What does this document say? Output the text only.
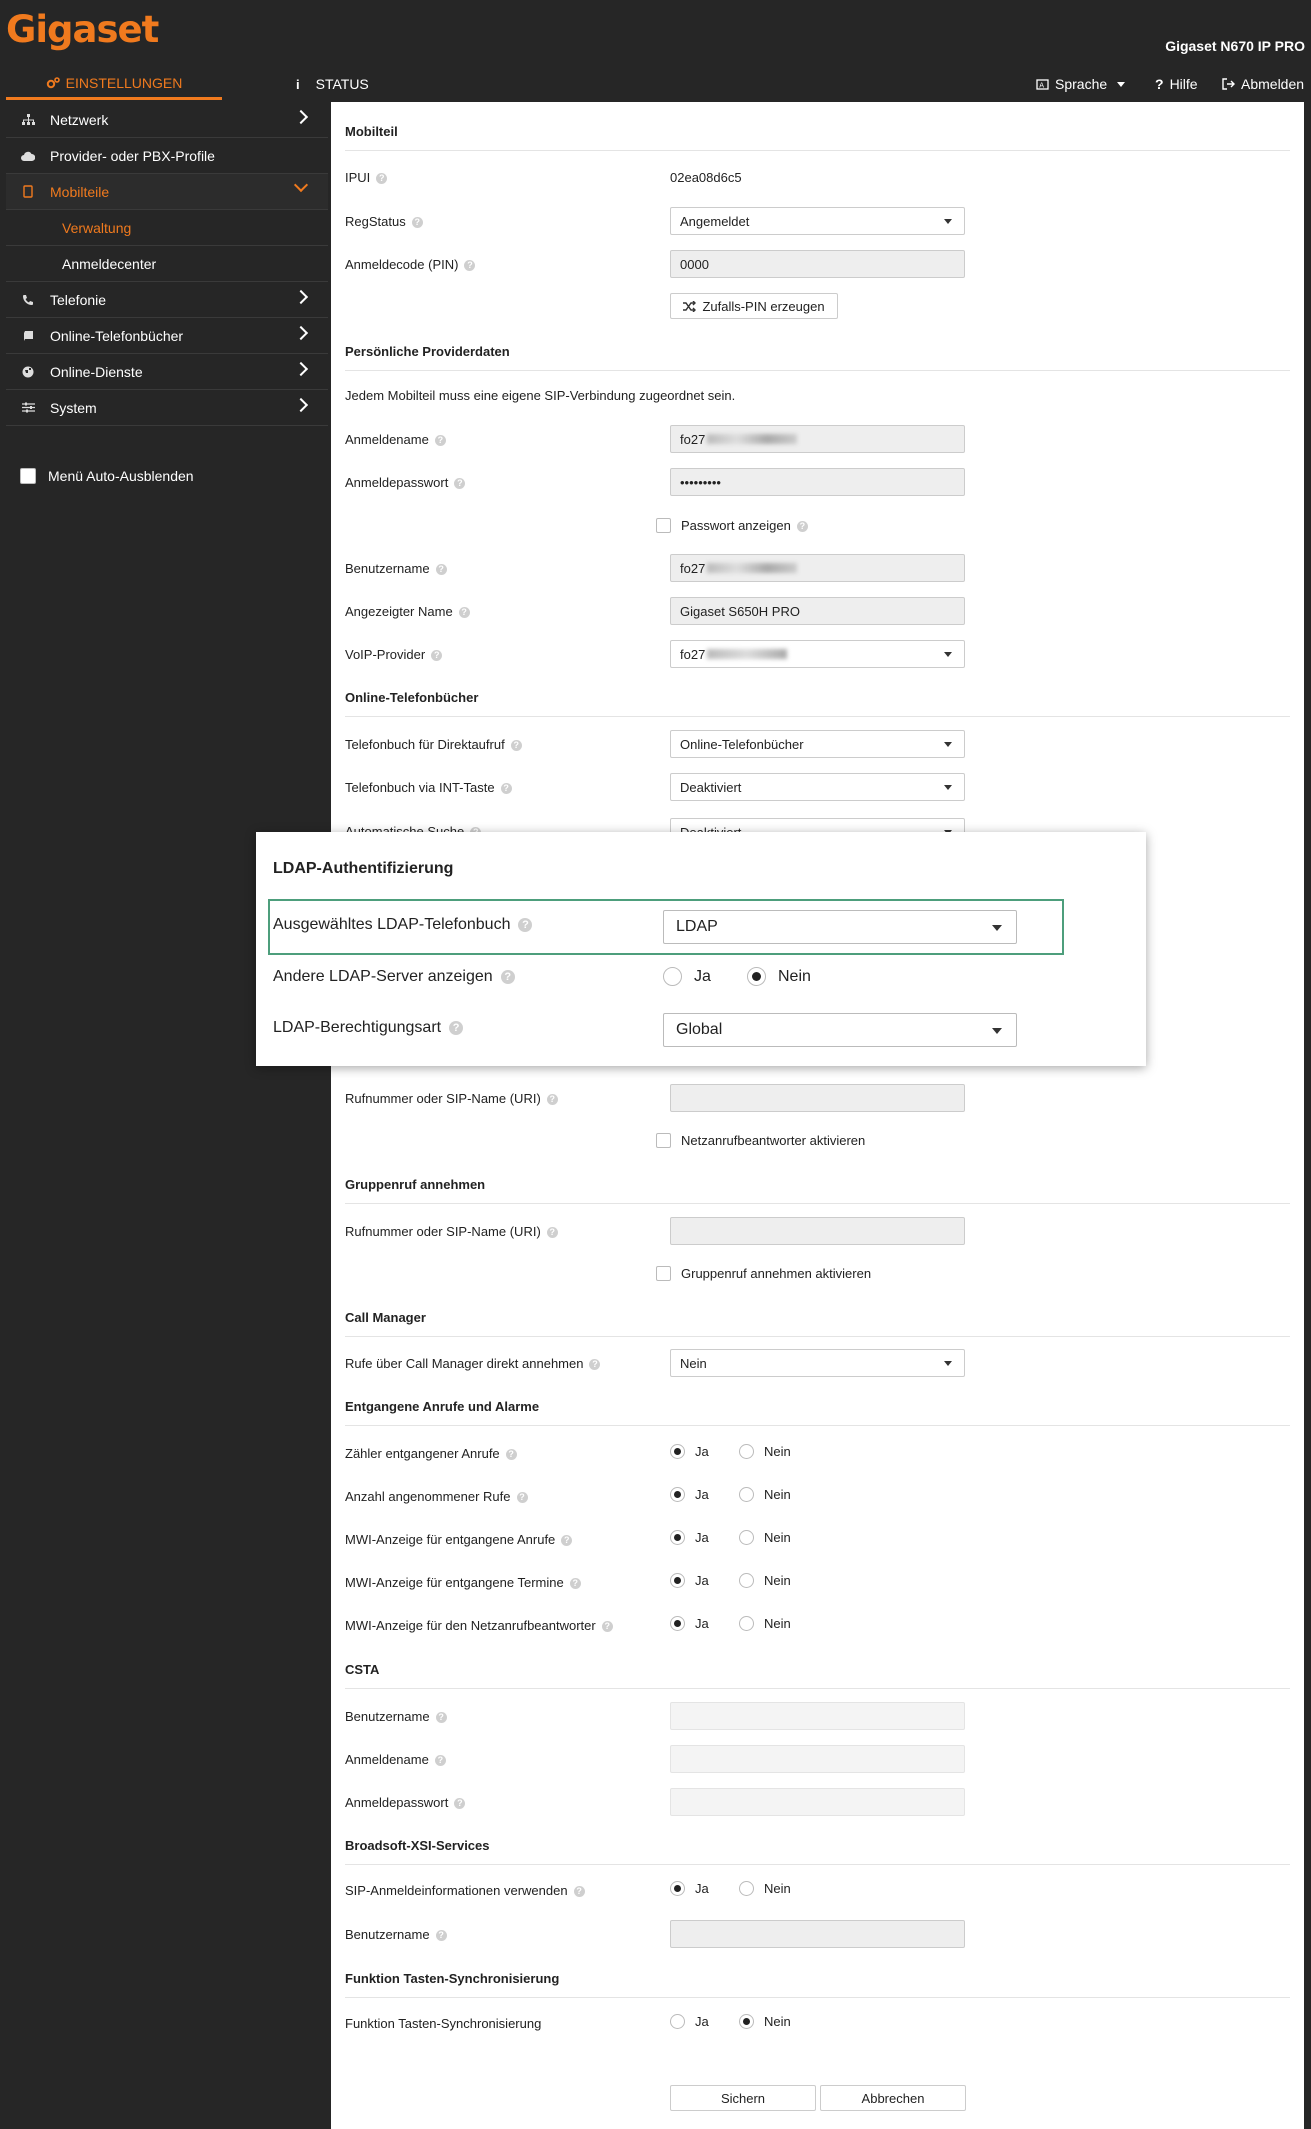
Gigaset	Gigaset N670 IP PRO
EINSTELLUNGEN	i STATUS	A Sprache	? Hilfe	Abmelden
Netzwerk
Provider- oder PBX-Profile
Mobilteile
Verwaltung
Anmeldecenter
Telefonie
Online-Telefonbücher
Online-Dienste
System
Menü Auto-Ausblenden
Mobilteil
IPUI ?	02ea08d6c5
RegStatus ?	Angemeldet
Anmeldecode (PIN) ?	0000
Zufalls-PIN erzeugen
Persönliche Providerdaten
Jedem Mobilteil muss eine eigene SIP-Verbindung zugeordnet sein.
Anmeldename ?	fo27
Anmeldepasswort ?	•••••••••
Passwort anzeigen ?
Benutzername ?	fo27
Angezeigter Name ?	Gigaset S650H PRO
VoIP-Provider ?	fo27
Online-Telefonbücher
Telefonbuch für Direktaufruf ?	Online-Telefonbücher
Telefonbuch via INT-Taste ?	Deaktiviert
Rufnummer oder SIP-Name (URI) ?
Netzanrufbeantworter aktivieren
Gruppenruf annehmen
Rufnummer oder SIP-Name (URI) ?
Gruppenruf annehmen aktivieren
Call Manager
Rufe über Call Manager direkt annehmen ?	Nein
Entgangene Anrufe und Alarme
Zähler entgangener Anrufe ?	Ja	Nein
Anzahl angenommener Rufe ?	Ja	Nein
MWI-Anzeige für entgangene Anrufe ?	Ja	Nein
MWI-Anzeige für entgangene Termine ?	Ja	Nein
MWI-Anzeige für den Netzanrufbeantworter ?	Ja	Nein
CSTA
Benutzername ?
Anmeldename ?
Anmeldepasswort ?
Broadsoft-XSI-Services
SIP-Anmeldeinformationen verwenden ?	Ja	Nein
Benutzername ?
Funktion Tasten-Synchronisierung
Funktion Tasten-Synchronisierung	Ja	Nein
Sichern	Abbrechen
LDAP-Authentifizierung
Ausgewähltes LDAP-Telefonbuch ?	LDAP
Andere LDAP-Server anzeigen ?	Ja	Nein
LDAP-Berechtigungsart ?	Global
